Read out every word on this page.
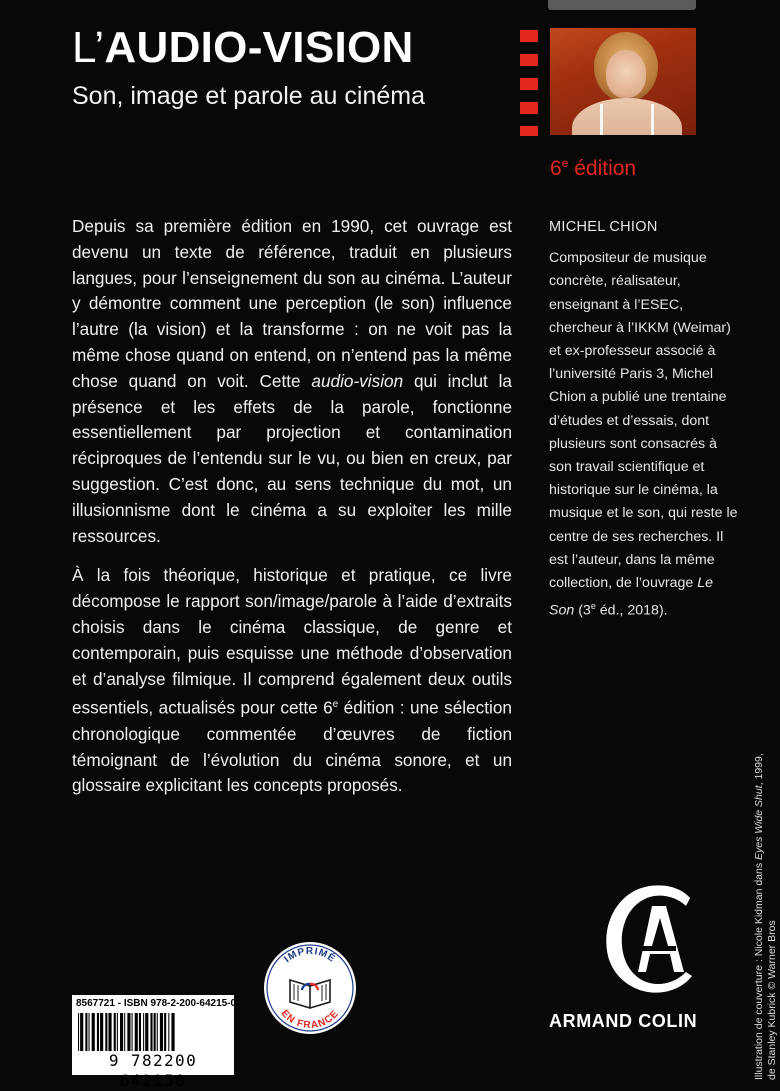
L’AUDIO-VISION
Son, image et parole au cinéma
6e édition

Depuis sa première édition en 1990, cet ouvrage est devenu un texte de référence, traduit en plusieurs langues, pour l’enseignement du son au cinéma. L’auteur y démontre comment une perception (le son) influence l’autre (la vision) et la transforme : on ne voit pas la même chose quand on entend, on n’entend pas la même chose quand on voit. Cette audio-vision qui inclut la présence et les effets de la parole, fonctionne essentiellement par projection et contamination réciproques de l’entendu sur le vu, ou bien en creux, par suggestion. C’est donc, au sens technique du mot, un illusionnisme dont le cinéma a su exploiter les mille ressources.

À la fois théorique, historique et pratique, ce livre décompose le rapport son/image/parole à l’aide d’extraits choisis dans le cinéma classique, de genre et contemporain, puis esquisse une méthode d’observation et d’analyse filmique. Il comprend également deux outils essentiels, actualisés pour cette 6e édition : une sélection chronologique commentée d’œuvres de fiction témoignant de l’évolution du cinéma sonore, et un glossaire explicitant les concepts proposés.

MICHEL CHION
Compositeur de musique concrète, réalisateur, enseignant à l’ESEC, chercheur à l’IKKM (Weimar) et ex-professeur associé à l’université Paris 3, Michel Chion a publié une trentaine d’études et d’essais, dont plusieurs sont consacrés à son travail scientifique et historique sur le cinéma, la musique et le son, qui reste le centre de ses recherches. Il est l’auteur, dans la même collection, de l’ouvrage Le Son (3e éd., 2018).
Illustration de couverture : Nicole Kidman dans Eyes Wide Shut, 1999,
de Stanley Kubrick © Warner Bros
8567721 - ISBN 978-2-200-64215-0
9 782200 642150
IMPRIMÉ
EN FRANCE	ARMAND COLIN
